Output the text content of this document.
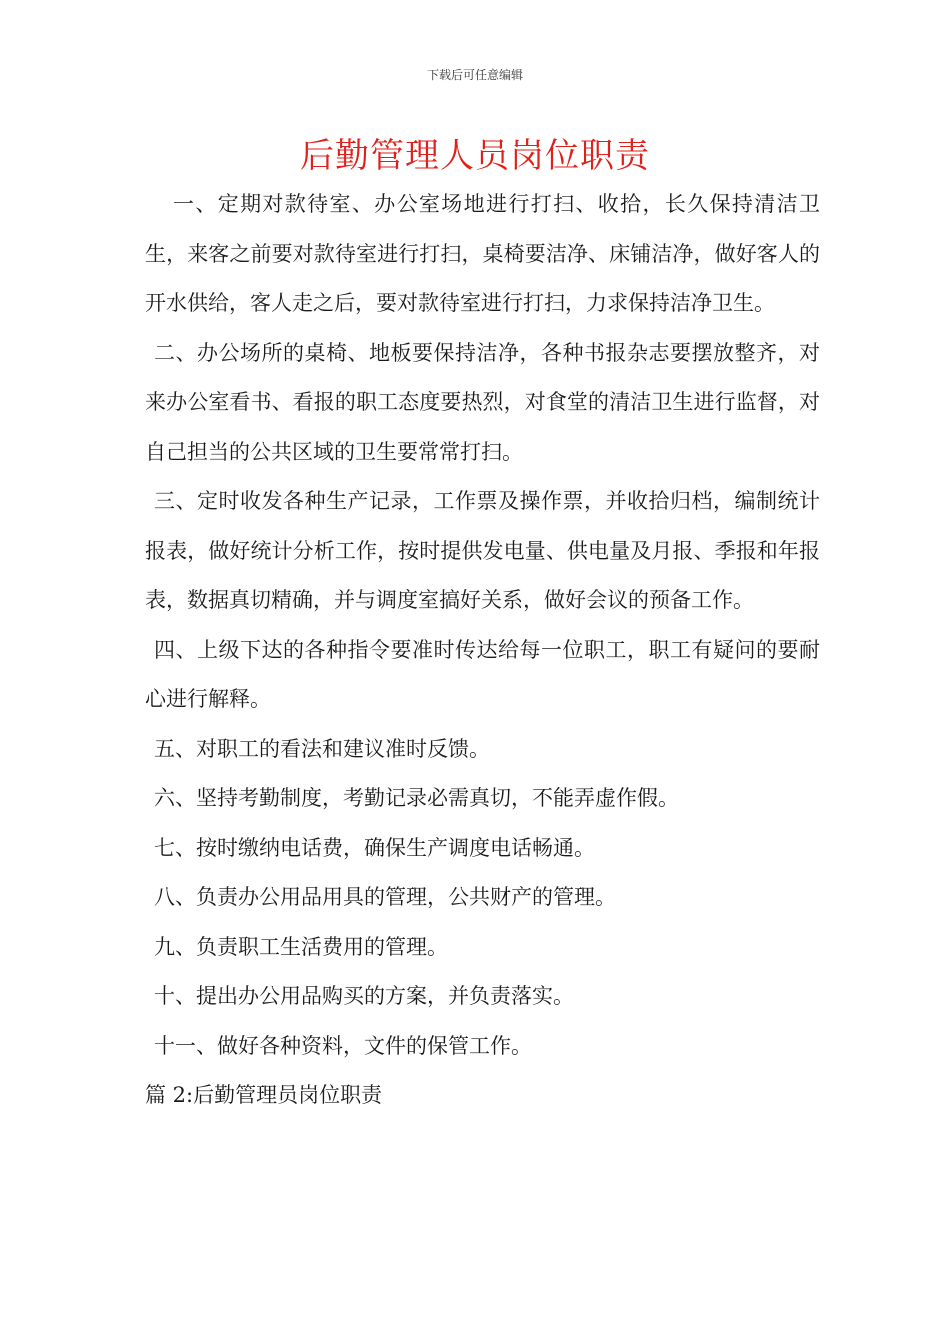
下载后可任意编辑
后勤管理人员岗位职责

一、定期对款待室、办公室场地进行打扫、收拾，长久保持清洁卫生，来客之前要对款待室进行打扫，桌椅要洁净、床铺洁净，做好客人的开水供给，客人走之后，要对款待室进行打扫，力求保持洁净卫生。

二、办公场所的桌椅、地板要保持洁净，各种书报杂志要摆放整齐，对来办公室看书、看报的职工态度要热烈，对食堂的清洁卫生进行监督，对自己担当的公共区域的卫生要常常打扫。

三、定时收发各种生产记录，工作票及操作票，并收拾归档，编制统计报表，做好统计分析工作，按时提供发电量、供电量及月报、季报和年报表，数据真切精确，并与调度室搞好关系，做好会议的预备工作。

四、上级下达的各种指令要准时传达给每一位职工，职工有疑问的要耐心进行解释。

五、对职工的看法和建议准时反馈。

六、坚持考勤制度，考勤记录必需真切，不能弄虚作假。

七、按时缴纳电话费，确保生产调度电话畅通。

八、负责办公用品用具的管理，公共财产的管理。

九、负责职工生活费用的管理。

十、提出办公用品购买的方案，并负责落实。

十一、做好各种资料，文件的保管工作。

篇 2:后勤管理员岗位职责
